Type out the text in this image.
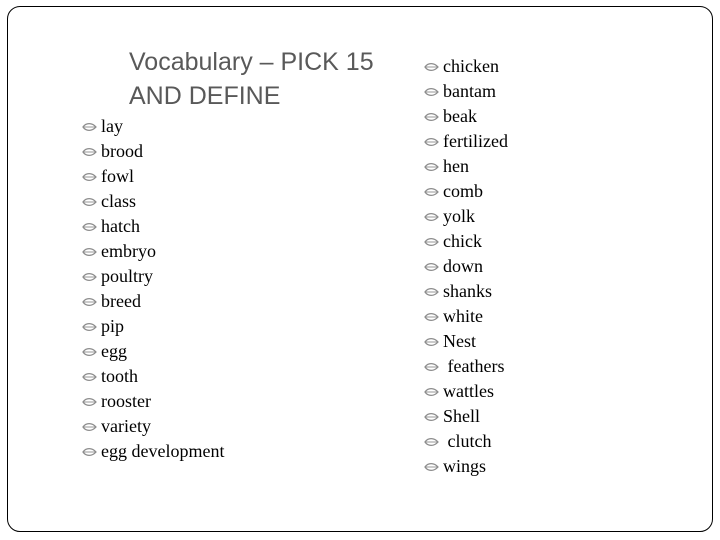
Vocabulary – PICK 15 AND DEFINE
lay
brood
fowl
class
hatch
embryo
poultry
breed
pip
egg
tooth
rooster
variety
egg development
chicken
bantam
beak
fertilized
hen
comb
yolk
chick
down
shanks
white
Nest
feathers
wattles
Shell
clutch
wings
